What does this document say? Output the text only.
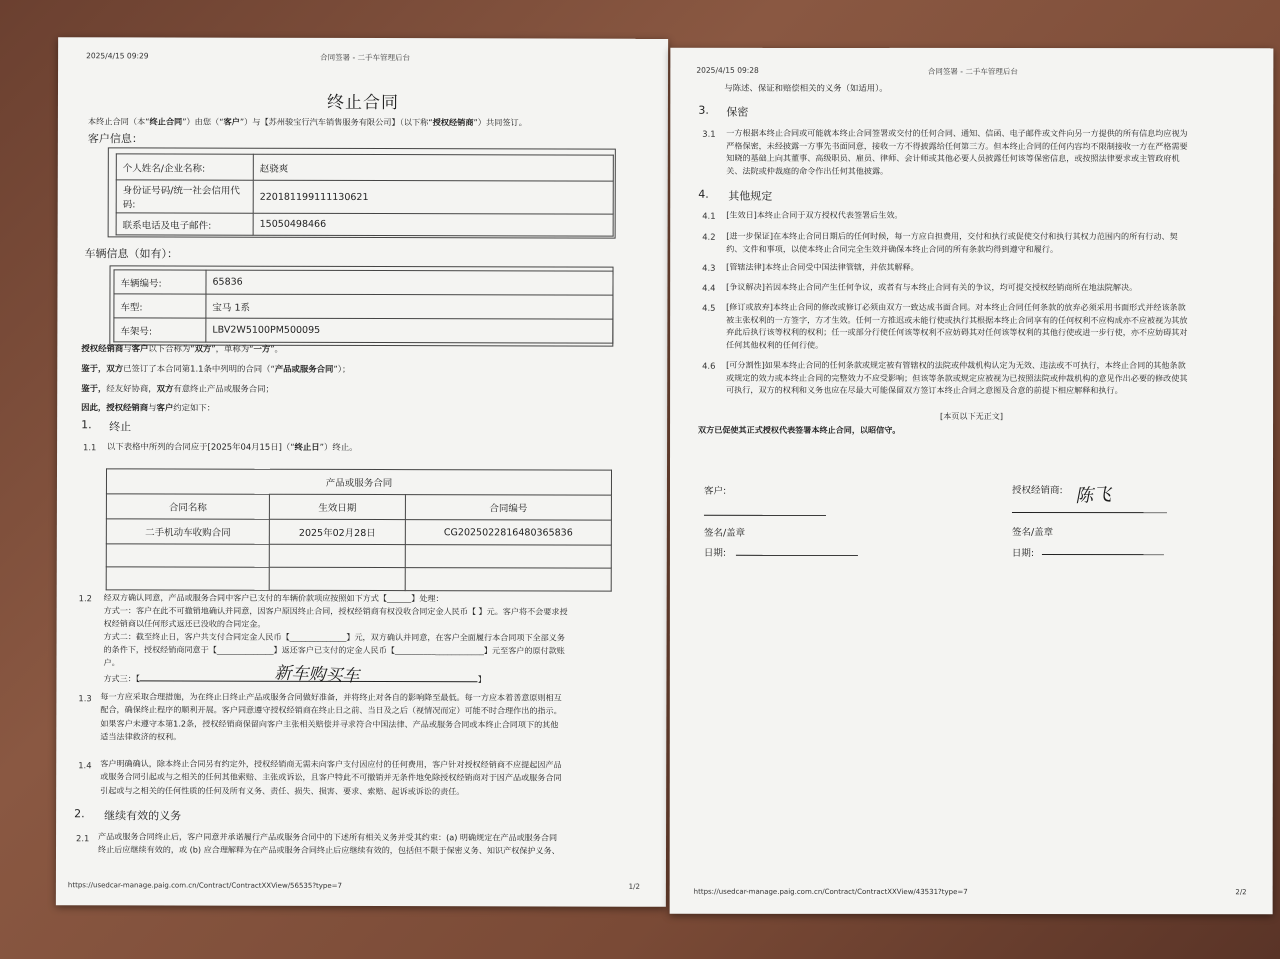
2025/4/15 09:29	合同签署 - 二手车管理后台
终止合同
本终止合同（本“终止合同”）由您（“客户”）与【苏州骏宝行汽车销售服务有限公司】（以下称“授权经销商”）共同签订。
客户信息：
个人姓名/企业名称:	赵骁爽
身份证号码/统一社会信用代码:	220181199111130621
联系电话及电子邮件:	15050498466
车辆信息（如有）：
车辆编号:	65836
车型:	宝马 1系
车架号:	LBV2W5100PM500095
授权经销商与客户以下合称为“双方”，单称为“一方”。
鉴于，双方已签订了本合同第1.1条中列明的合同（“产品或服务合同”）；
鉴于，经友好协商，双方有意终止产品或服务合同；
因此，授权经销商与客户约定如下：
1. 终止
1.1 以下表格中所列的合同应于[2025年04月15日]（“终止日”）终止。
产品或服务合同		
合同名称	生效日期	合同编号
二手机动车收购合同	2025年02月28日	CG2025022816480365836

1.2 经双方确认同意，产品或服务合同中客户已支付的车辆价款项应按照如下方式【______】处理：
方式一：客户在此不可撤销地确认并同意，因客户原因终止合同，授权经销商有权没收合同定金人民币【 】元。客户将不会要求授
权经销商以任何形式返还已没收的合同定金。
方式二：截至终止日，客户共支付合同定金人民币【______________】元，双方确认并同意，在客户全面履行本合同项下全部义务
的条件下，授权经销商同意于【______________】返还客户已支付的定金人民币【______________________】元至客户的原付款账
户。
方式三：【	】
新车购买车
1.3 每一方应采取合理措施，为在终止日终止产品或服务合同做好准备，并将终止对各自的影响降至最低。每一方应本着善意原则相互
配合，确保终止程序的顺利开展。客户同意遵守授权经销商在终止日之前、当日及之后（视情况而定）可能不时合理作出的指示。
如果客户未遵守本第1.2条，授权经销商保留向客户主张相关赔偿并寻求符合中国法律、产品或服务合同或本终止合同项下的其他
适当法律救济的权利。
1.4 客户明确确认，除本终止合同另有约定外，授权经销商无需未向客户支付因应付的任何费用，客户针对授权经销商不应提起因产品
或服务合同引起或与之相关的任何其他索赔、主张或诉讼，且客户特此不可撤销并无条件地免除授权经销商对于因产品或服务合同
引起或与之相关的任何性质的任何及所有义务、责任、损失、损害、要求、索赔、起诉或诉讼的责任。
2. 继续有效的义务
2.1 产品或服务合同终止后，客户同意并承诺履行产品或服务合同中的下述所有相关义务并受其约束：(a) 明确规定在产品或服务合同
终止后应继续有效的，或 (b) 应合理解释为在产品或服务合同终止后应继续有效的，包括但不限于保密义务、知识产权保护义务、
https://usedcar-manage.paig.com.cn/Contract/ContractXXView/56535?type=7	1/2
2025/4/15 09:28	合同签署 - 二手车管理后台
与陈述、保证和赔偿相关的义务（如适用）。
3. 保密
3.1 一方根据本终止合同或可能就本终止合同签署或交付的任何合同、通知、信函、电子邮件或文件向另一方提供的所有信息均应视为
严格保密，未经披露一方事先书面同意，接收一方不得披露给任何第三方。但本终止合同的任何内容均不限制接收一方在严格需要
知晓的基础上向其董事、高级职员、雇员、律师、会计师或其他必要人员披露任何该等保密信息，或按照法律要求或主管政府机
关、法院或仲裁庭的命令作出任何其他披露。
4. 其他规定
4.1 [生效日]本终止合同于双方授权代表签署后生效。
4.2 [进一步保证]在本终止合同日期后的任何时候，每一方应自担费用，交付和执行或促使交付和执行其权力范围内的所有行动、契
约、文件和事项，以使本终止合同完全生效并确保本终止合同的所有条款均得到遵守和履行。
4.3 [管辖法律]本终止合同受中国法律管辖，并依其解释。
4.4 [争议解决]若因本终止合同产生任何争议，或者有与本终止合同有关的争议，均可提交授权经销商所在地法院解决。
4.5 [修订或放弃]本终止合同的修改或修订必须由双方一致达成书面合同。对本终止合同任何条款的放弃必须采用书面形式并经该条款
被主张权利的一方签字，方才生效。任何一方推迟或未能行使或执行其根据本终止合同享有的任何权利不应构成亦不应被视为其放
弃此后执行该等权利的权利；任一或部分行使任何该等权利不应妨碍其对任何该等权利的其他行使或进一步行使，亦不应妨碍其对
任何其他权利的任何行使。
4.6 [可分割性]如果本终止合同的任何条款或规定被有管辖权的法院或仲裁机构认定为无效、违法或不可执行，本终止合同的其他条款
或规定的效力或本终止合同的完整效力不应受影响；但该等条款或规定应被视为已按照法院或仲裁机构的意见作出必要的修改使其
可执行，双方的权利和义务也应在尽最大可能保留双方签订本终止合同之意图及合意的前提下相应解释和执行。
[本页以下无正文]
双方已促使其正式授权代表签署本终止合同，以昭信守。
客户:
签名/盖章
日期:
授权经销商: 陈飞
签名/盖章
日期:
https://usedcar-manage.paig.com.cn/Contract/ContractXXView/43531?type=7	2/2
